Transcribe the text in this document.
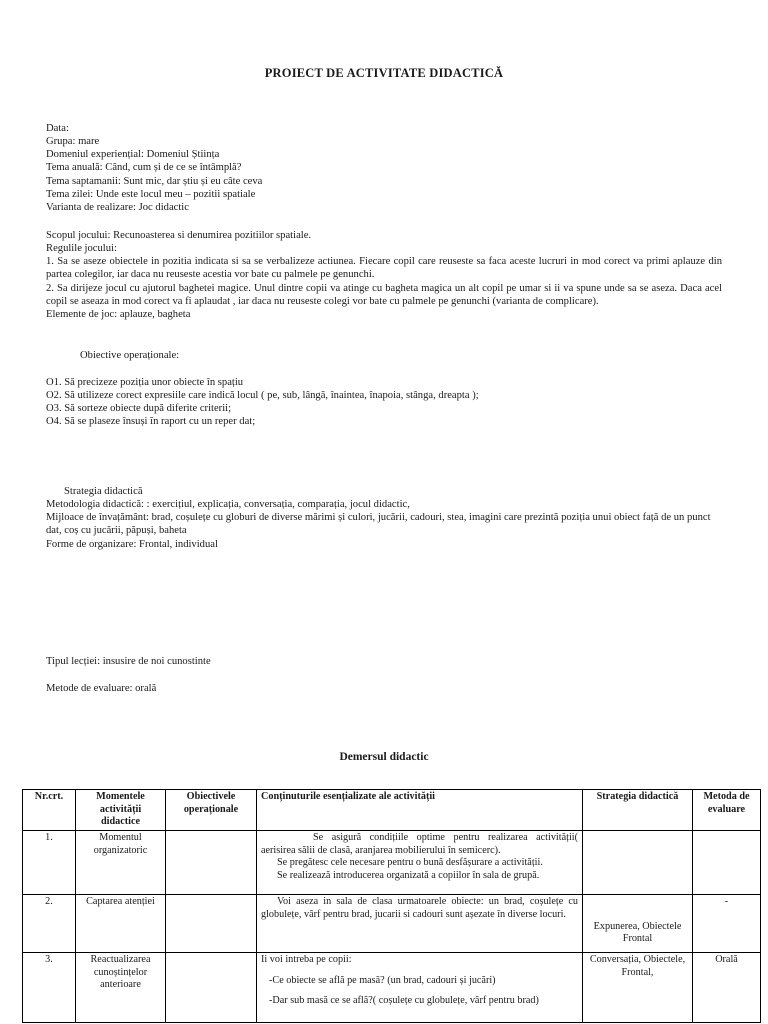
PROIECT DE ACTIVITATE DIDACTICĂ

Data:

Grupa: mare

Domeniul experiențial: Domeniul Știința

Tema anuală: Când, cum și de ce se întâmplă?

Tema saptamanii: Sunt mic, dar știu și eu câte ceva

Tema zilei: Unde este locul meu – pozitii spatiale

Varianta de realizare: Joc didactic

Scopul jocului: Recunoasterea si denumirea pozitiilor spatiale.

Regulile jocului:

1. Sa se aseze obiectele in pozitia indicata si sa se verbalizeze actiunea. Fiecare copil care reuseste sa faca aceste lucruri in mod corect va primi aplauze din partea colegilor, iar daca nu reuseste acestia vor bate cu palmele pe genunchi.

2. Sa dirijeze jocul cu ajutorul baghetei magice. Unul dintre copii va atinge cu bagheta magica un alt copil pe umar si ii va spune unde sa se aseza. Daca acel copil se aseaza in mod corect va fi aplaudat , iar daca nu reuseste colegi vor bate cu palmele pe genunchi (varianta de complicare).

Elemente de joc: aplauze, bagheta

Obiective operaționale:

O1. Să precizeze poziția unor obiecte în spațiu

O2. Să utilizeze corect expresiile care indică locul ( pe, sub, lângă, înaintea, înapoia, stânga, dreapta );

O3. Să sorteze obiecte după diferite criterii;

O4. Să se plaseze însuși în raport cu un reper dat;

Strategia didactică

Metodologia didactică: : exercițiul, explicația, conversația, comparația, jocul didactic,

Mijloace de învațământ: brad, coșulețe cu globuri de diverse mărimi și culori, jucării, cadouri, stea, imagini care prezintă poziția unui obiect față de un punct dat, coș cu jucării, păpuși, baheta

Forme de organizare: Frontal, individual

Tipul lecției: insusire de noi cunostinte

Metode de evaluare: orală

Demersul didactic
Nr.crt.	Momentele activității didactice	Obiectivele operaționale	Conținuturile esențializate ale activității	Strategia didactică	Metoda de evaluare
1.	Momentul organizatoric		Se asigură condițiile optime pentru realizarea activității( aerisirea sălii de clasă, aranjarea mobilierului în semicerc).

Se pregătesc cele necesare pentru o bună desfășurare a activității.

Se realizează introducerea organizată a copiilor în sala de grupă.		

2.	Captarea atenției		Voi aseza in sala de clasa urmatoarele obiecte: un brad, coșulețe cu globulețe, vârf pentru brad, jucarii si cadouri sunt așezate în diverse locuri.	Expunerea, Obiectele Frontal	-
3.	Reactualizarea cunoștințelor anterioare		Ii voi intreba pe copii:

-Ce obiecte se află pe masă? (un brad, cadouri și jucări)

-Dar sub masă ce se află?( coșulețe cu globulețe, vârf pentru brad)	Conversația, Obiectele, Frontal,	Orală
